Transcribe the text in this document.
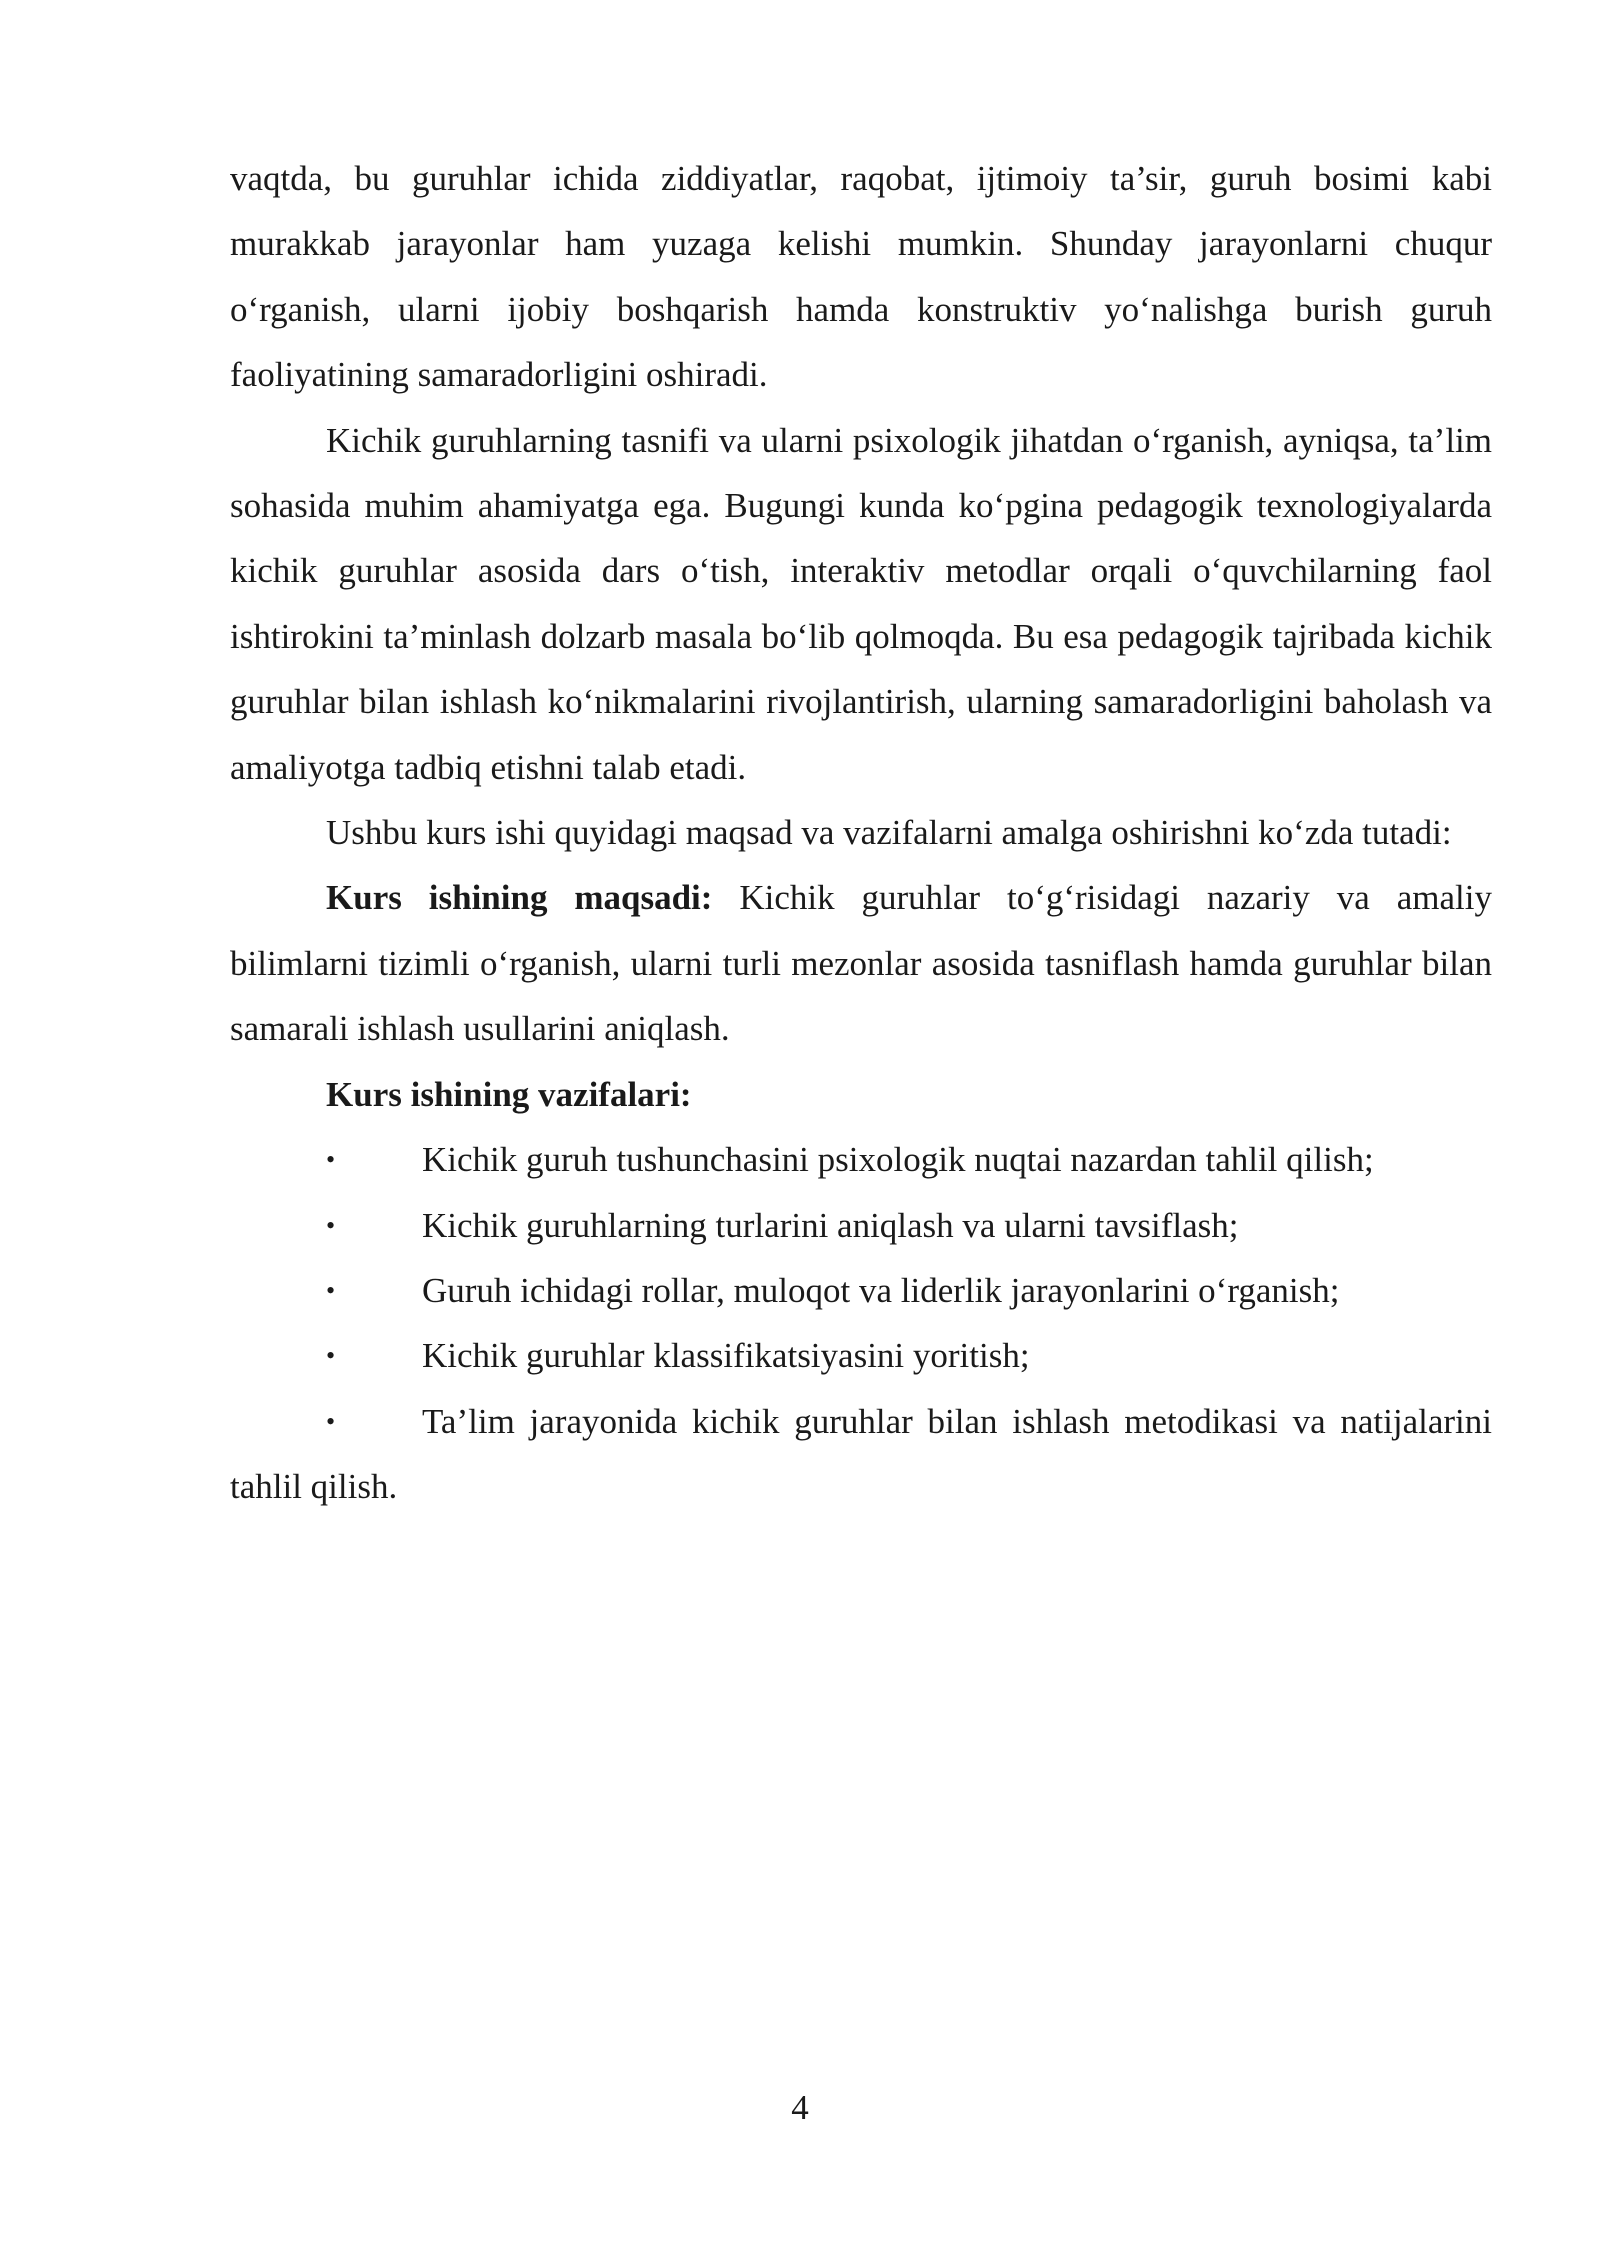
vaqtda, bu guruhlar ichida ziddiyatlar, raqobat, ijtimoiy ta’sir, guruh bosimi kabi murakkab jarayonlar ham yuzaga kelishi mumkin. Shunday jarayonlarni chuqur o‘rganish, ularni ijobiy boshqarish hamda konstruktiv yo‘nalishga burish guruh faoliyatining samaradorligini oshiradi.

Kichik guruhlarning tasnifi va ularni psixologik jihatdan o‘rganish, ayniqsa, ta’lim sohasida muhim ahamiyatga ega. Bugungi kunda ko‘pgina pedagogik texnologiyalarda kichik guruhlar asosida dars o‘tish, interaktiv metodlar orqali o‘quvchilarning faol ishtirokini ta’minlash dolzarb masala bo‘lib qolmoqda. Bu esa pedagogik tajribada kichik guruhlar bilan ishlash ko‘nikmalarini rivojlantirish, ularning samaradorligini baholash va amaliyotga tadbiq etishni talab etadi.

Ushbu kurs ishi quyidagi maqsad va vazifalarni amalga oshirishni ko‘zda tutadi:

Kurs ishining maqsadi: Kichik guruhlar to‘g‘risidagi nazariy va amaliy bilimlarni tizimli o‘rganish, ularni turli mezonlar asosida tasniflash hamda guruhlar bilan samarali ishlash usullarini aniqlash.

Kurs ishining vazifalari:

• Kichik guruh tushunchasini psixologik nuqtai nazardan tahlil qilish;
• Kichik guruhlarning turlarini aniqlash va ularni tavsiflash;
• Guruh ichidagi rollar, muloqot va liderlik jarayonlarini o‘rganish;
• Kichik guruhlar klassifikatsiyasini yoritish;
• Ta’lim jarayonida kichik guruhlar bilan ishlash metodikasi va natijalarini tahlil qilish.
4
